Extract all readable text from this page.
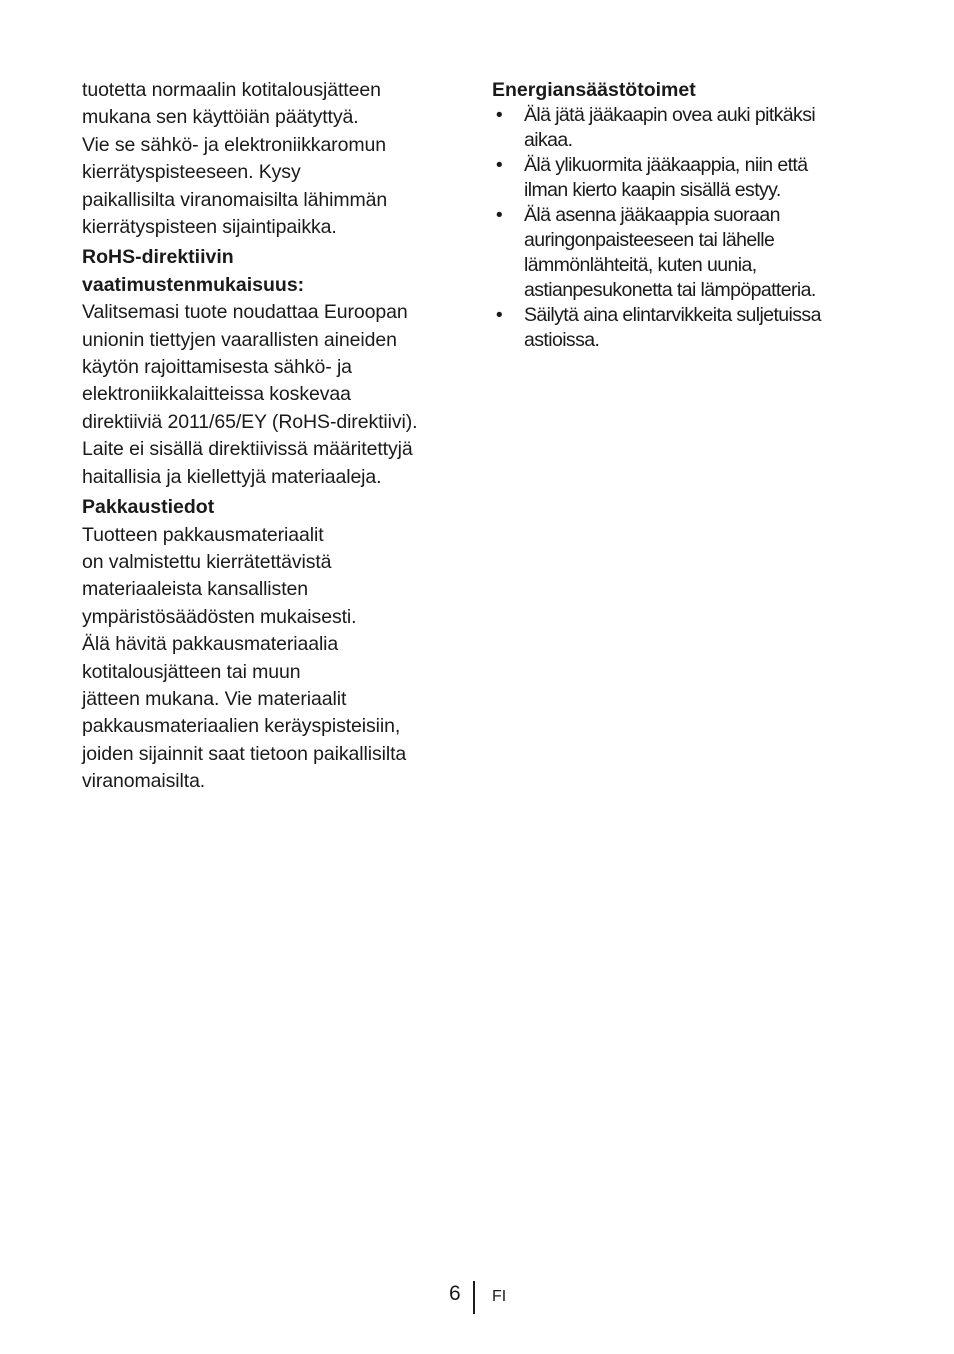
tuotetta normaalin kotitalousjätteen
mukana sen käyttöiän päätyttyä.
Vie se sähkö- ja elektroniikkaromun
kierrätyspisteeseen. Kysy
paikallisilta viranomaisilta lähimmän
kierrätyspisteen sijaintipaikka.

RoHS-direktiivin
vaatimustenmukaisuus:

Valitsemasi tuote noudattaa Euroopan
unionin tiettyjen vaarallisten aineiden
käytön rajoittamisesta sähkö- ja
elektroniikkalaitteissa koskevaa
direktiiviä 2011/65/EY (RoHS-direktiivi).
Laite ei sisällä direktiivissä määritettyjä
haitallisia ja kiellettyjä materiaaleja.

Pakkaustiedot

Tuotteen pakkausmateriaalit
on valmistettu kierrätettävistä
materiaaleista kansallisten
ympäristösäädösten mukaisesti.
Älä hävitä pakkausmateriaalia
kotitalousjätteen tai muun
jätteen mukana. Vie materiaalit
pakkausmateriaalien keräyspisteisiin,
joiden sijainnit saat tietoon paikallisilta
viranomaisilta.

Energiansäästötoimet
• Älä jätä jääkaapin ovea auki pitkäksi
aikaa.
• Älä ylikuormita jääkaappia, niin että
ilman kierto kaapin sisällä estyy.
• Älä asenna jääkaappia suoraan
auringonpaisteeseen tai lähelle
lämmönlähteitä, kuten uunia,
astianpesukonetta tai lämpöpatteria.
• Säilytä aina elintarvikkeita suljetuissa
astioissa.
6 FI
